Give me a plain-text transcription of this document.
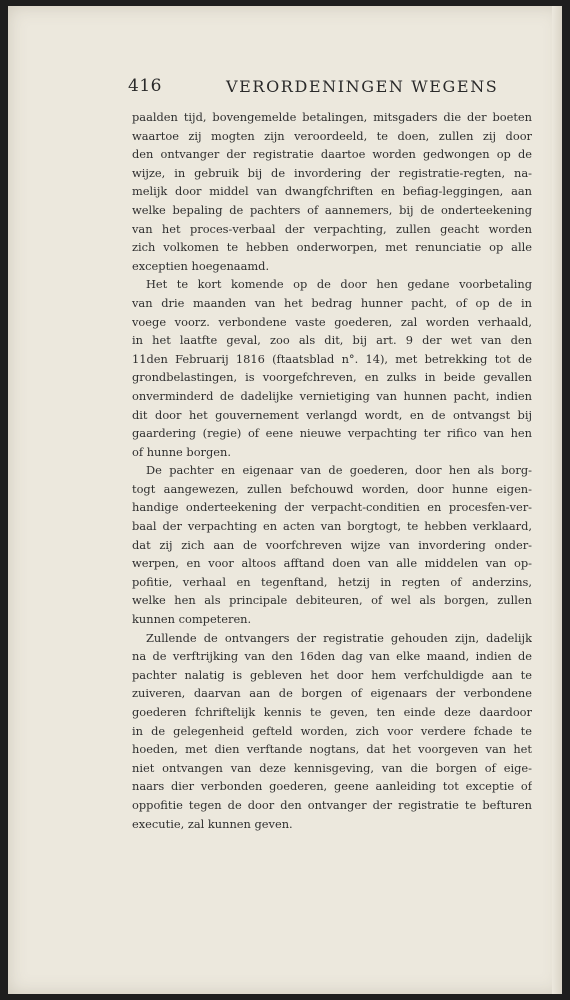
416	VERORDENINGEN WEGENS
paalden tijd, bovengemelde betalingen, mitsgaders die der boeten
waartoe zij mogten zijn veroordeeld, te doen, zullen zij door
den ontvanger der registratie daartoe worden gedwongen op de
wijze, in gebruik bij de invordering der registratie-regten, na-
melijk door middel van dwangfchriften en befiag-leggingen, aan
welke bepaling de pachters of aannemers, bij de onderteekening
van het proces-verbaal der verpachting, zullen geacht worden
zich volkomen te hebben onderworpen, met renunciatie op alle
exceptien hoegenaamd.
Het te kort komende op de door hen gedane voorbetaling
van drie maanden van het bedrag hunner pacht, of op de in
voege voorz. verbondene vaste goederen, zal worden verhaald,
in het laatfte geval, zoo als dit, bij art. 9 der wet van den
11den Februarij 1816 (ftaatsblad n°. 14), met betrekking tot de
grondbelastingen, is voorgefchreven, en zulks in beide gevallen
onverminderd de dadelijke vernietiging van hunnen pacht, indien
dit door het gouvernement verlangd wordt, en de ontvangst bij
gaardering (regie) of eene nieuwe verpachting ter rifico van hen
of hunne borgen.
De pachter en eigenaar van de goederen, door hen als borg-
togt aangewezen, zullen befchouwd worden, door hunne eigen-
handige onderteekening der verpacht-conditien en procesfen-ver-
baal der verpachting en acten van borgtogt, te hebben verklaard,
dat zij zich aan de voorfchreven wijze van invordering onder-
werpen, en voor altoos afftand doen van alle middelen van op-
pofitie, verhaal en tegenftand, hetzij in regten of anderzins,
welke hen als principale debiteuren, of wel als borgen, zullen
kunnen competeren.
Zullende de ontvangers der registratie gehouden zijn, dadelijk
na de verftrijking van den 16den dag van elke maand, indien de
pachter nalatig is gebleven het door hem verfchuldigde aan te
zuiveren, daarvan aan de borgen of eigenaars der verbondene
goederen fchriftelijk kennis te geven, ten einde deze daardoor
in de gelegenheid gefteld worden, zich voor verdere fchade te
hoeden, met dien verftande nogtans, dat het voorgeven van het
niet ontvangen van deze kennisgeving, van die borgen of eige-
naars dier verbonden goederen, geene aanleiding tot exceptie of
oppofitie tegen de door den ontvanger der registratie te befturen
executie, zal kunnen geven.
